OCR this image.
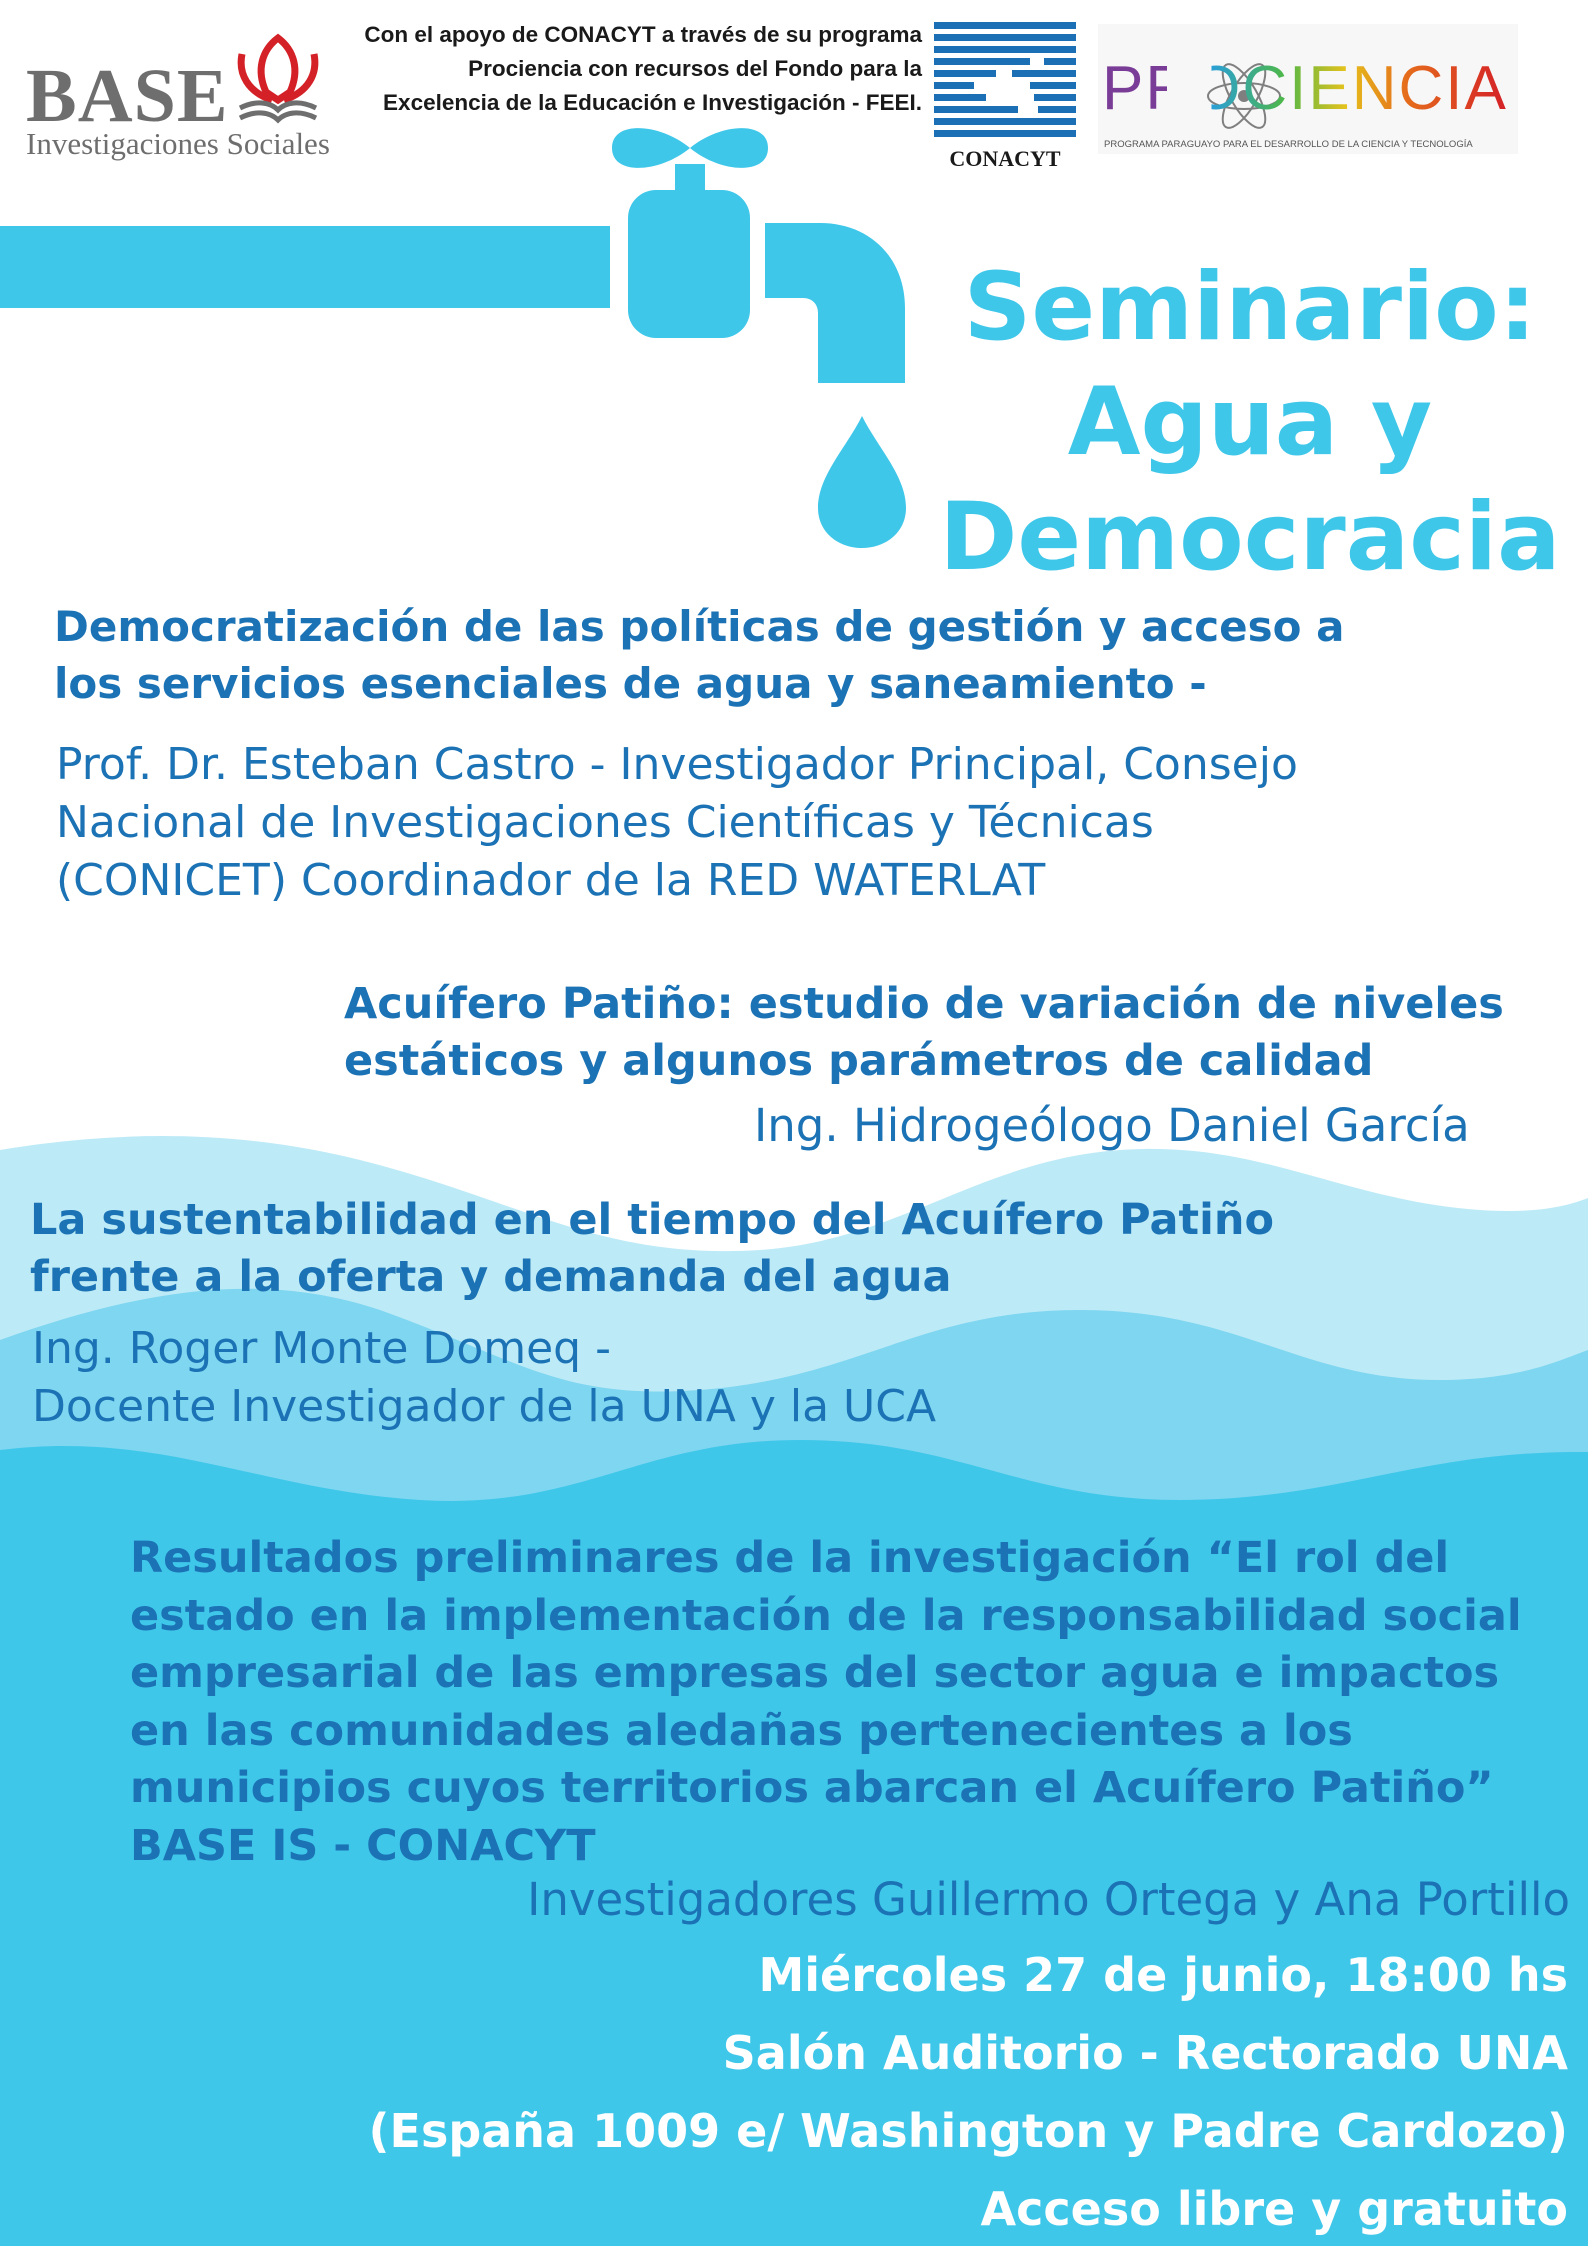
BASE
Investigaciones Sociales
Con el apoyo de CONACYT a través de su programa
Prociencia con recursos del Fondo para la
Excelencia de la Educación e Investigación - FEEI.
CONACYT
PROCIENCIA
PROGRAMA PARAGUAYO PARA EL DESARROLLO DE LA CIENCIA Y TECNOLOGÍA
Seminario:
Agua y
Democracia
Democratización de las políticas de gestión y acceso a
los servicios esenciales de agua y saneamiento -
Prof. Dr. Esteban Castro - Investigador Principal, Consejo
Nacional de Investigaciones Científicas y Técnicas
(CONICET) Coordinador de la RED WATERLAT
Acuífero Patiño: estudio de variación de niveles
estáticos y algunos parámetros de calidad
Ing. Hidrogeólogo Daniel García
La sustentabilidad en el tiempo del Acuífero Patiño
frente a la oferta y demanda del agua
Ing. Roger Monte Domeq -
Docente Investigador de la UNA y la UCA
Resultados preliminares de la investigación “El rol del
estado en la implementación de la responsabilidad social
empresarial de las empresas del sector agua e impactos
en las comunidades aledañas pertenecientes a los
municipios cuyos territorios abarcan el Acuífero Patiño”
BASE IS - CONACYT
Investigadores Guillermo Ortega y Ana Portillo
Miércoles 27 de junio, 18:00 hs
Salón Auditorio - Rectorado UNA
(España 1009 e/ Washington y Padre Cardozo)
Acceso libre y gratuito
